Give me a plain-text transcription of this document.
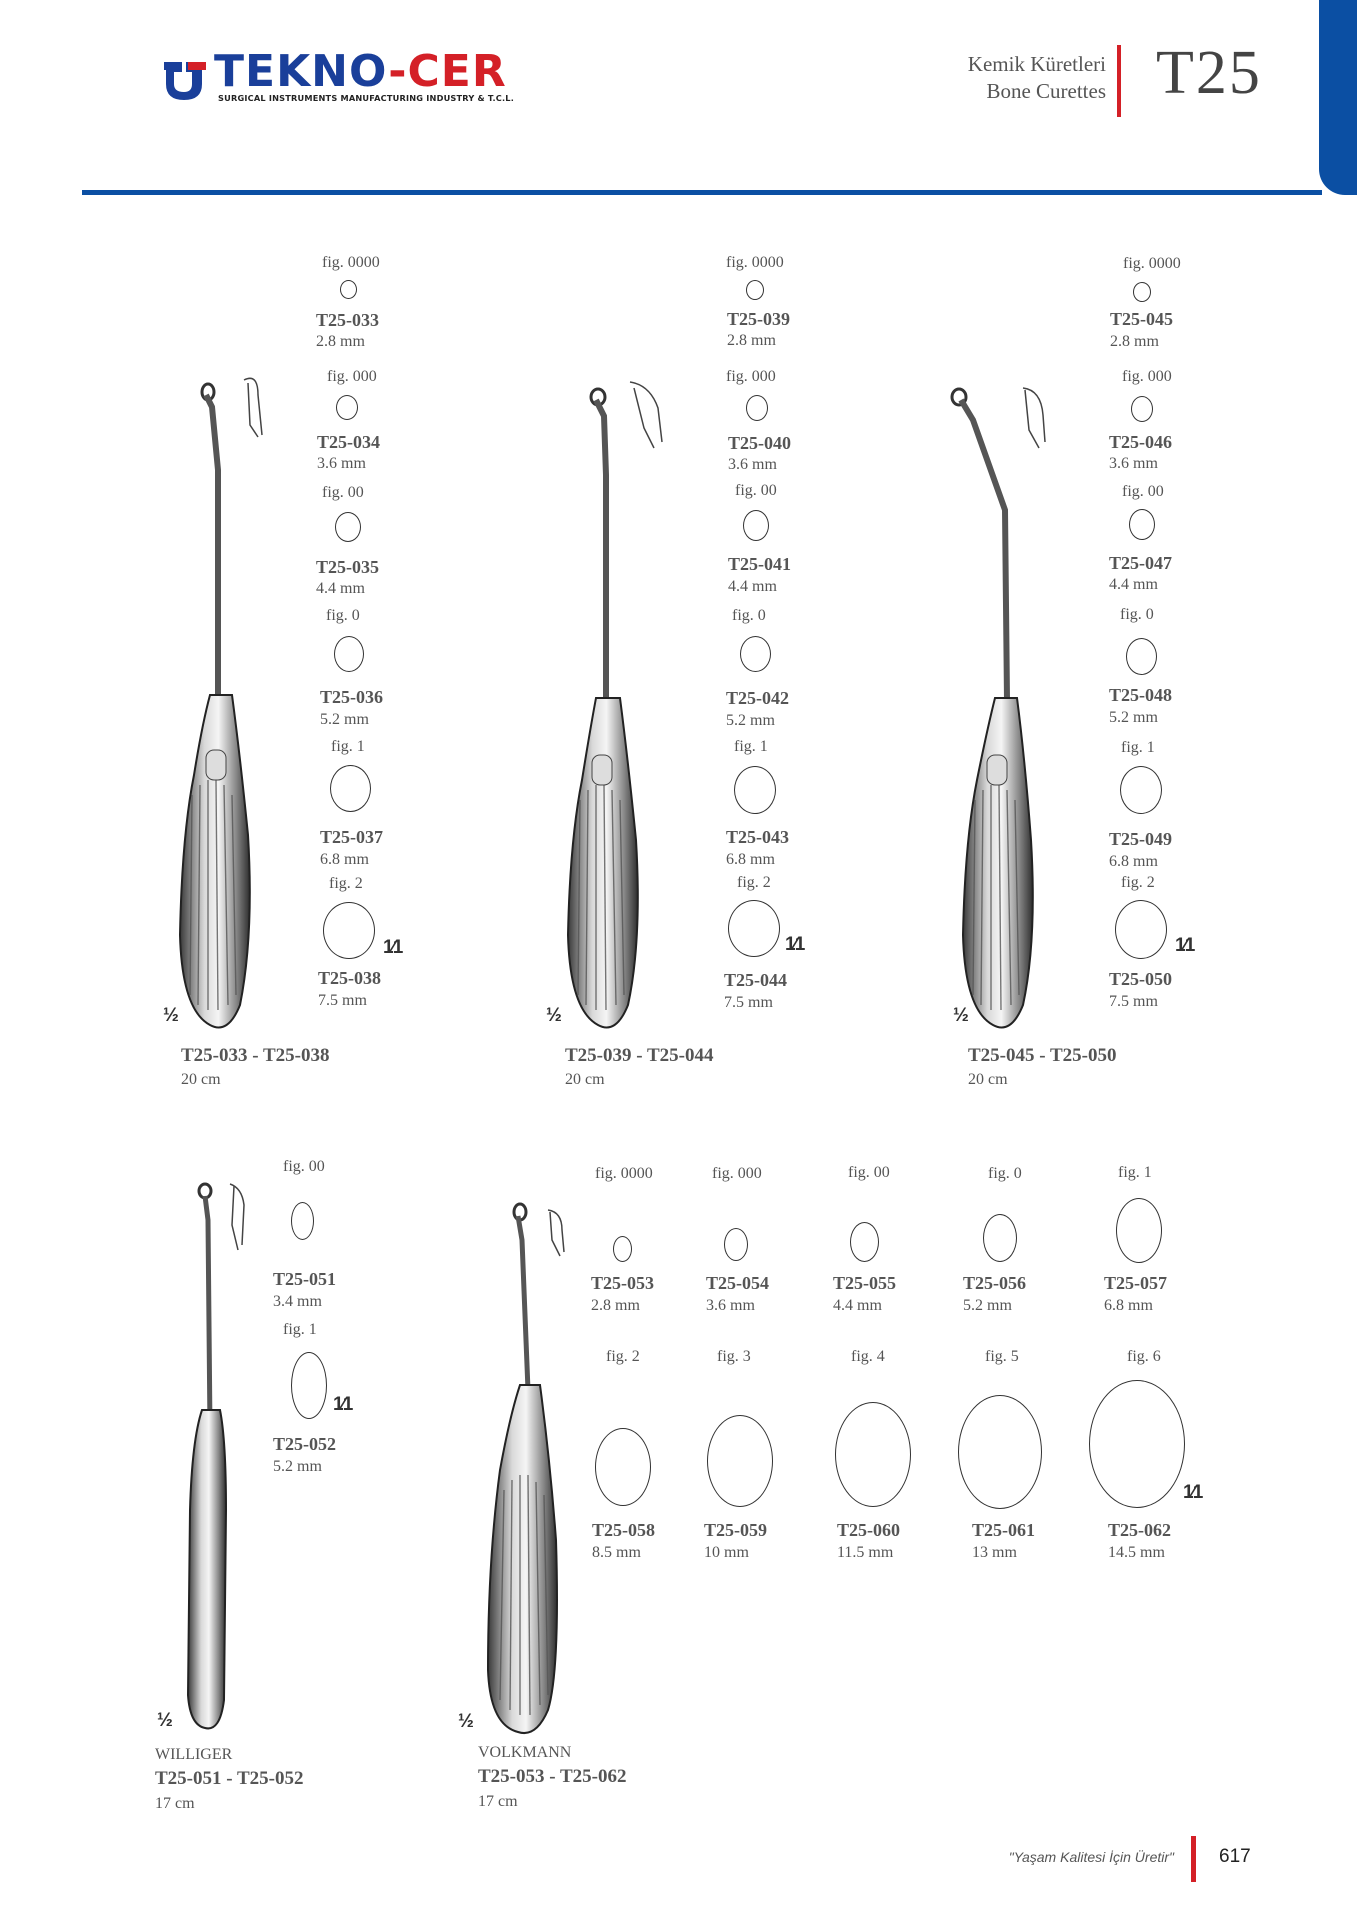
TEKNO-CER
SURGICAL INSTRUMENTS MANUFACTURING INDUSTRY & T.C.L.
Kemik Küretleri
Bone Curettes T25
fig. 0000
T25-033
2.8 mm
fig. 000
T25-034
3.6 mm
fig. 00
T25-035
4.4 mm
fig. 0
T25-036
5.2 mm
fig. 1
T25-037
6.8 mm
fig. 2
1⁄1
T25-038
7.5 mm
½
T25-033 - T25-038
20 cm
fig. 0000
T25-039
2.8 mm
fig. 000
T25-040
3.6 mm
fig. 00
T25-041
4.4 mm
fig. 0
T25-042
5.2 mm
fig. 1
T25-043
6.8 mm
fig. 2
1⁄1
T25-044
7.5 mm
½
T25-039 - T25-044
20 cm
fig. 0000
T25-045
2.8 mm
fig. 000
T25-046
3.6 mm
fig. 00
T25-047
4.4 mm
fig. 0
T25-048
5.2 mm
fig. 1
T25-049
6.8 mm
fig. 2
1⁄1
T25-050
7.5 mm
½
T25-045 - T25-050
20 cm
fig. 00
T25-051
3.4 mm
fig. 1
1⁄1
T25-052
5.2 mm
½
WILLIGER
T25-051 - T25-052
17 cm
fig. 0000
T25-053
2.8 mm
fig. 000
T25-054
3.6 mm
fig. 00
T25-055
4.4 mm
fig. 0
T25-056
5.2 mm
fig. 1
T25-057
6.8 mm
fig. 2
T25-058
8.5 mm
fig. 3
T25-059
10 mm
fig. 4
T25-060
11.5 mm
fig. 5
T25-061
13 mm
fig. 6
1⁄1
T25-062
14.5 mm
½
VOLKMANN
T25-053 - T25-062
17 cm
"Yaşam Kalitesi İçin Üretir" 617
